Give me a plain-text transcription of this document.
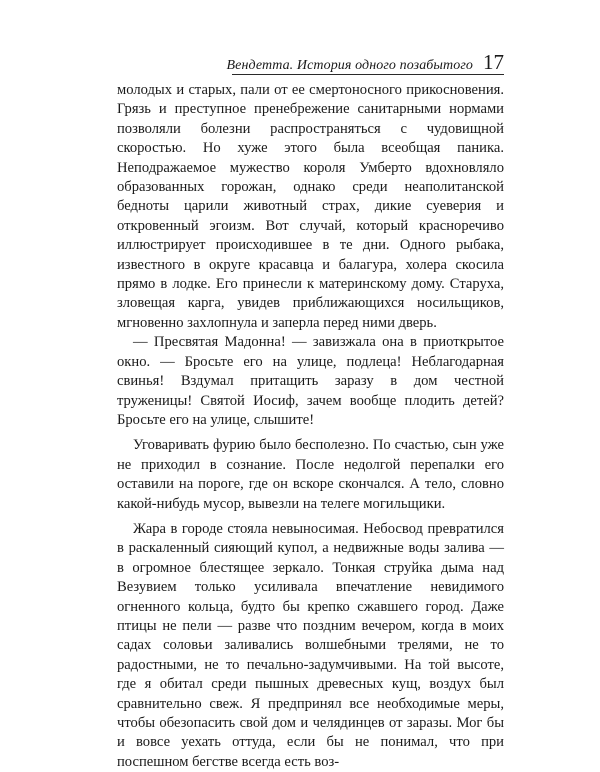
Вендетта. История одного позабытого 17

молодых и старых, пали от ее смертоносного прикосновения. Грязь и преступное пренебрежение санитарными нормами позволяли болезни распространяться с чудовищной скоростью. Но хуже этого была всеобщая паника. Неподражаемое мужество короля Умберто вдохновляло образованных горожан, однако среди неаполитанской бедноты царили животный страх, дикие суеверия и откровенный эгоизм. Вот случай, который красноречиво иллюстрирует происходившее в те дни. Одного рыбака, известного в округе красавца и балагура, холера скосила прямо в лодке. Его принесли к материнскому дому. Старуха, зловещая карга, увидев приближающихся носильщиков, мгновенно захлопнула и заперла перед ними дверь.

— Пресвятая Мадонна! — завизжала она в приоткрытое окно. — Бросьте его на улице, подлеца! Неблагодарная свинья! Вздумал притащить заразу в дом честной труженицы! Святой Иосиф, зачем вообще плодить детей? Бросьте его на улице, слышите!

Уговаривать фурию было бесполезно. По счастью, сын уже не приходил в сознание. После недолгой перепалки его оставили на пороге, где он вскоре скончался. А тело, словно какой-нибудь мусор, вывезли на телеге могильщики.

Жара в городе стояла невыносимая. Небосвод превратился в раскаленный сияющий купол, а недвижные воды залива — в огромное блестящее зеркало. Тонкая струйка дыма над Везувием только усиливала впечатление невидимого огненного кольца, будто бы крепко сжавшего город. Даже птицы не пели — разве что поздним вечером, когда в моих садах соловьи заливались волшебными трелями, не то радостными, не то печально-задумчивыми. На той высоте, где я обитал среди пышных древесных кущ, воздух был сравнительно свеж. Я предпринял все необходимые меры, чтобы обезопасить свой дом и челядинцев от заразы. Мог бы и вовсе уехать оттуда, если бы не понимал, что при поспешном бегстве всегда есть воз-
